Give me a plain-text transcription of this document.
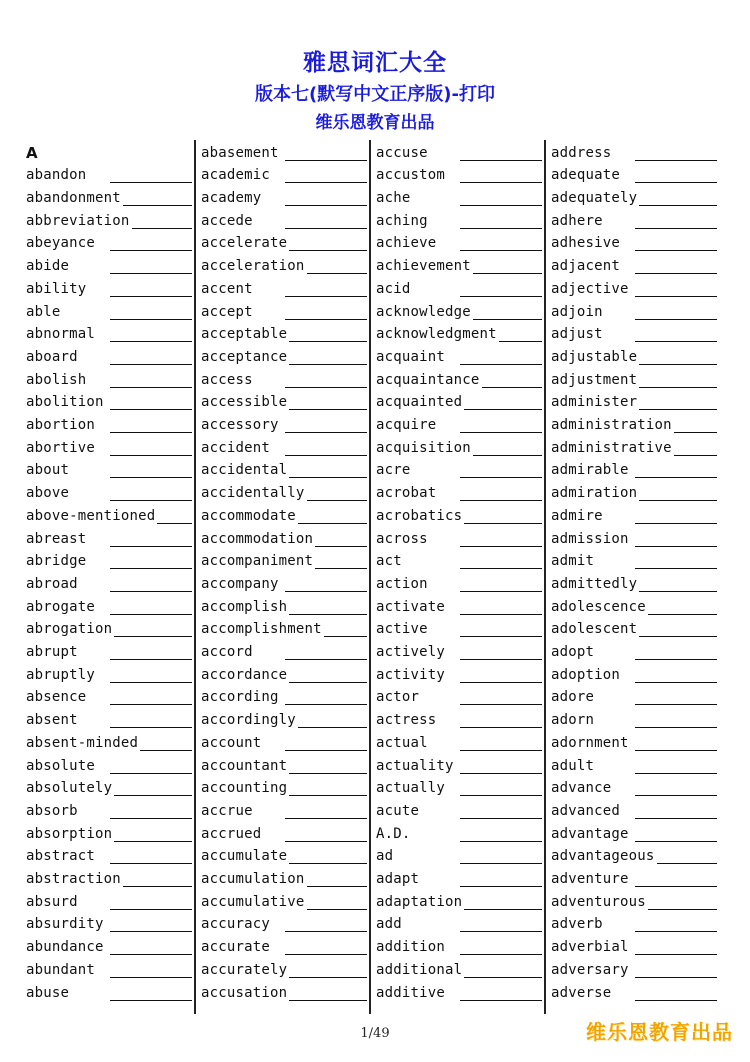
雅思词汇大全
版本七(默写中文正序版)-打印
维乐恩教育出品
A
abandon
abandonment
abbreviation
abeyance
abide
ability
able
abnormal
aboard
abolish
abolition
abortion
abortive
about
above
above-mentioned
abreast
abridge
abroad
abrogate
abrogation
abrupt
abruptly
absence
absent
absent-minded
absolute
absolutely
absorb
absorption
abstract
abstraction
absurd
absurdity
abundance
abundant
abuse
abasement
academic
academy
accede
accelerate
acceleration
accent
accept
acceptable
acceptance
access
accessible
accessory
accident
accidental
accidentally
accommodate
accommodation
accompaniment
accompany
accomplish
accomplishment
accord
accordance
according
accordingly
account
accountant
accounting
accrue
accrued
accumulate
accumulation
accumulative
accuracy
accurate
accurately
accusation
accuse
accustom
ache
aching
achieve
achievement
acid
acknowledge
acknowledgment
acquaint
acquaintance
acquainted
acquire
acquisition
acre
acrobat
acrobatics
across
act
action
activate
active
actively
activity
actor
actress
actual
actuality
actually
acute
A.D.
ad
adapt
adaptation
add
addition
additional
additive
address
adequate
adequately
adhere
adhesive
adjacent
adjective
adjoin
adjust
adjustable
adjustment
administer
administration
administrative
admirable
admiration
admire
admission
admit
admittedly
adolescence
adolescent
adopt
adoption
adore
adorn
adornment
adult
advance
advanced
advantage
advantageous
adventure
adventurous
adverb
adverbial
adversary
adverse
1/49	维乐恩教育出品
